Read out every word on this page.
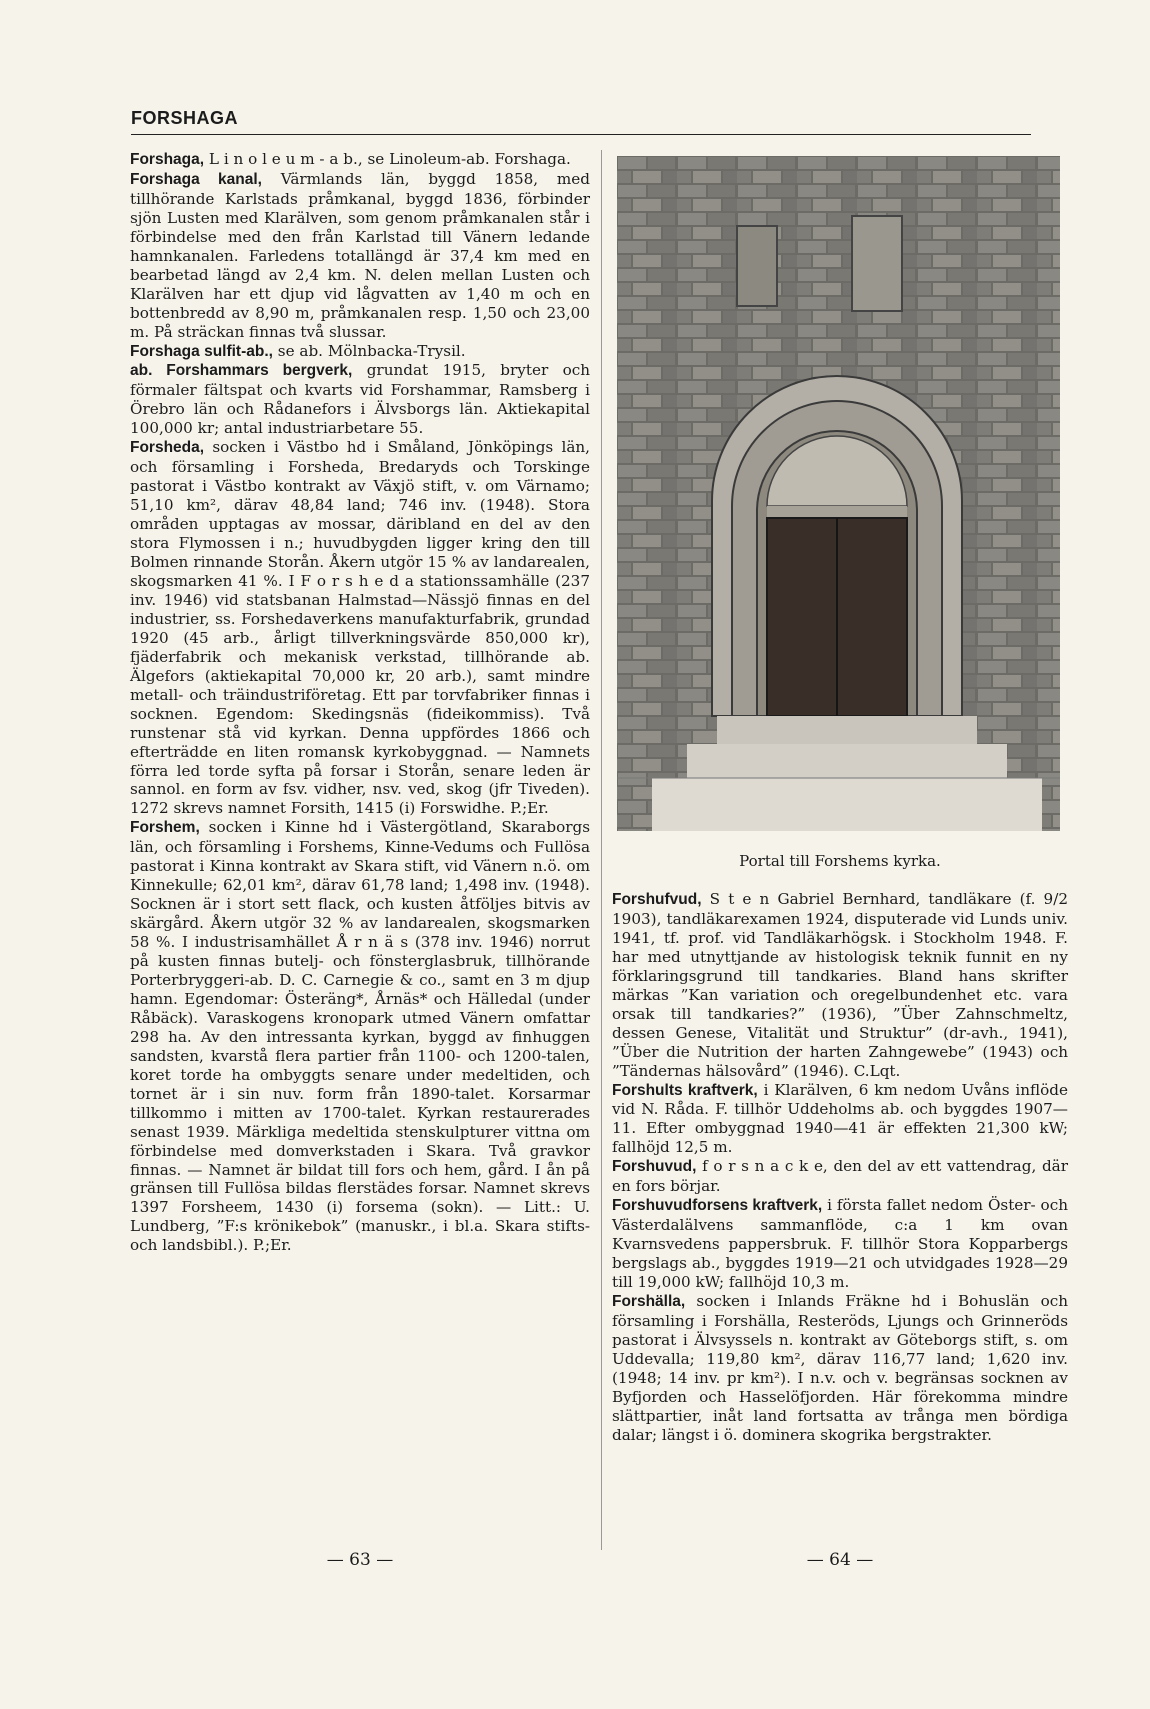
FORSHAGA

Forshaga, L i n o l e u m - a b., se Linoleum-ab. Forshaga.

Forshaga kanal, Värmlands län, byggd 1858, med tillhörande Karlstads pråmkanal, byggd 1836, förbinder sjön Lusten med Klarälven, som genom pråmkanalen står i förbindelse med den från Karlstad till Vänern ledande hamnkanalen. Farledens totallängd är 37,4 km med en bearbetad längd av 2,4 km. N. delen mellan Lusten och Klarälven har ett djup vid lågvatten av 1,40 m och en bottenbredd av 8,90 m, pråmkanalen resp. 1,50 och 23,00 m. På sträckan finnas två slussar.

Forshaga sulfit-ab., se ab. Mölnbacka-Trysil.

ab. Forshammars bergverk, grundat 1915, bryter och förmaler fältspat och kvarts vid Forshammar, Ramsberg i Örebro län och Rådanefors i Älvsborgs län. Aktiekapital 100,000 kr; antal industriarbetare 55.

Forsheda, socken i Västbo hd i Småland, Jönköpings län, och församling i Forsheda, Bredaryds och Torskinge pastorat i Västbo kontrakt av Växjö stift, v. om Värnamo; 51,10 km², därav 48,84 land; 746 inv. (1948). Stora områden upptagas av mossar, däribland en del av den stora Flymossen i n.; huvudbygden ligger kring den till Bolmen rinnande Storån. Åkern utgör 15 % av landarealen, skogsmarken 41 %. I F o r s h e d a stationssamhälle (237 inv. 1946) vid statsbanan Halmstad—Nässjö finnas en del industrier, ss. Forshedaverkens manufakturfabrik, grundad 1920 (45 arb., årligt tillverkningsvärde 850,000 kr), fjäderfabrik och mekanisk verkstad, tillhörande ab. Älgefors (aktiekapital 70,000 kr, 20 arb.), samt mindre metall- och träindustriföretag. Ett par torvfabriker finnas i socknen. Egendom: Skedingsnäs (fideikommiss). Två runstenar stå vid kyrkan. Denna uppfördes 1866 och efterträdde en liten romansk kyrkobyggnad. — Namnets förra led torde syfta på forsar i Storån, senare leden är sannol. en form av fsv. vidher, nsv. ved, skog (jfr Tiveden). 1272 skrevs namnet Forsith, 1415 (i) Forswidhe. P.;Er.

Forshem, socken i Kinne hd i Västergötland, Skaraborgs län, och församling i Forshems, Kinne-Vedums och Fullösa pastorat i Kinna kontrakt av Skara stift, vid Vänern n.ö. om Kinnekulle; 62,01 km², därav 61,78 land; 1,498 inv. (1948). Socknen är i stort sett flack, och kusten åtföljes bitvis av skärgård. Åkern utgör 32 % av landarealen, skogsmarken 58 %. I industrisamhället Å r n ä s (378 inv. 1946) norrut på kusten finnas butelj- och fönsterglasbruk, tillhörande Porterbryggeri-ab. D. C. Carnegie & co., samt en 3 m djup hamn. Egendomar: Österäng*, Årnäs* och Hälledal (under Råbäck). Varaskogens kronopark utmed Vänern omfattar 298 ha. Av den intressanta kyrkan, byggd av finhuggen sandsten, kvarstå flera partier från 1100- och 1200-talen, koret torde ha ombyggts senare under medeltiden, och tornet är i sin nuv. form från 1890-talet. Korsarmar tillkommo i mitten av 1700-talet. Kyrkan restaurerades senast 1939. Märkliga medeltida stenskulpturer vittna om förbindelse med domverkstaden i Skara. Två gravkor finnas. — Namnet är bildat till fors och hem, gård. I ån på gränsen till Fullösa bildas flerstädes forsar. Namnet skrevs 1397 Forsheem, 1430 (i) forsema (sokn). — Litt.: U. Lundberg, ”F:s krönikebok” (manuskr., i bl.a. Skara stifts- och landsbibl.). P.;Er.

Portal till Forshems kyrka.

Forshufvud, S t e n Gabriel Bernhard, tandläkare (f. 9/2 1903), tandläkarexamen 1924, disputerade vid Lunds univ. 1941, tf. prof. vid Tandläkarhögsk. i Stockholm 1948. F. har med utnyttjande av histologisk teknik funnit en ny förklaringsgrund till tandkaries. Bland hans skrifter märkas ”Kan variation och oregelbundenhet etc. vara orsak till tandkaries?” (1936), ”Über Zahnschmeltz, dessen Genese, Vitalität und Struktur” (dr-avh., 1941), ”Über die Nutrition der harten Zahngewebe” (1943) och ”Tändernas hälsovård” (1946). C.Lqt.

Forshults kraftverk, i Klarälven, 6 km nedom Uvåns inflöde vid N. Råda. F. tillhör Uddeholms ab. och byggdes 1907—11. Efter ombyggnad 1940—41 är effekten 21,300 kW; fallhöjd 12,5 m.

Forshuvud, f o r s n a c k e, den del av ett vattendrag, där en fors börjar.

Forshuvudforsens kraftverk, i första fallet nedom Öster- och Västerdalälvens sammanflöde, c:a 1 km ovan Kvarnsvedens pappersbruk. F. tillhör Stora Kopparbergs bergslags ab., byggdes 1919—21 och utvidgades 1928—29 till 19,000 kW; fallhöjd 10,3 m.

Forshälla, socken i Inlands Fräkne hd i Bohuslän och församling i Forshälla, Resteröds, Ljungs och Grinneröds pastorat i Älvsyssels n. kontrakt av Göteborgs stift, s. om Uddevalla; 119,80 km², därav 116,77 land; 1,620 inv. (1948; 14 inv. pr km²). I n.v. och v. begränsas socknen av Byfjorden och Hasselöfjorden. Här förekomma mindre slättpartier, inåt land fortsatta av trånga men bördiga dalar; längst i ö. dominera skogrika bergstrakter.

— 63 —	— 64 —
